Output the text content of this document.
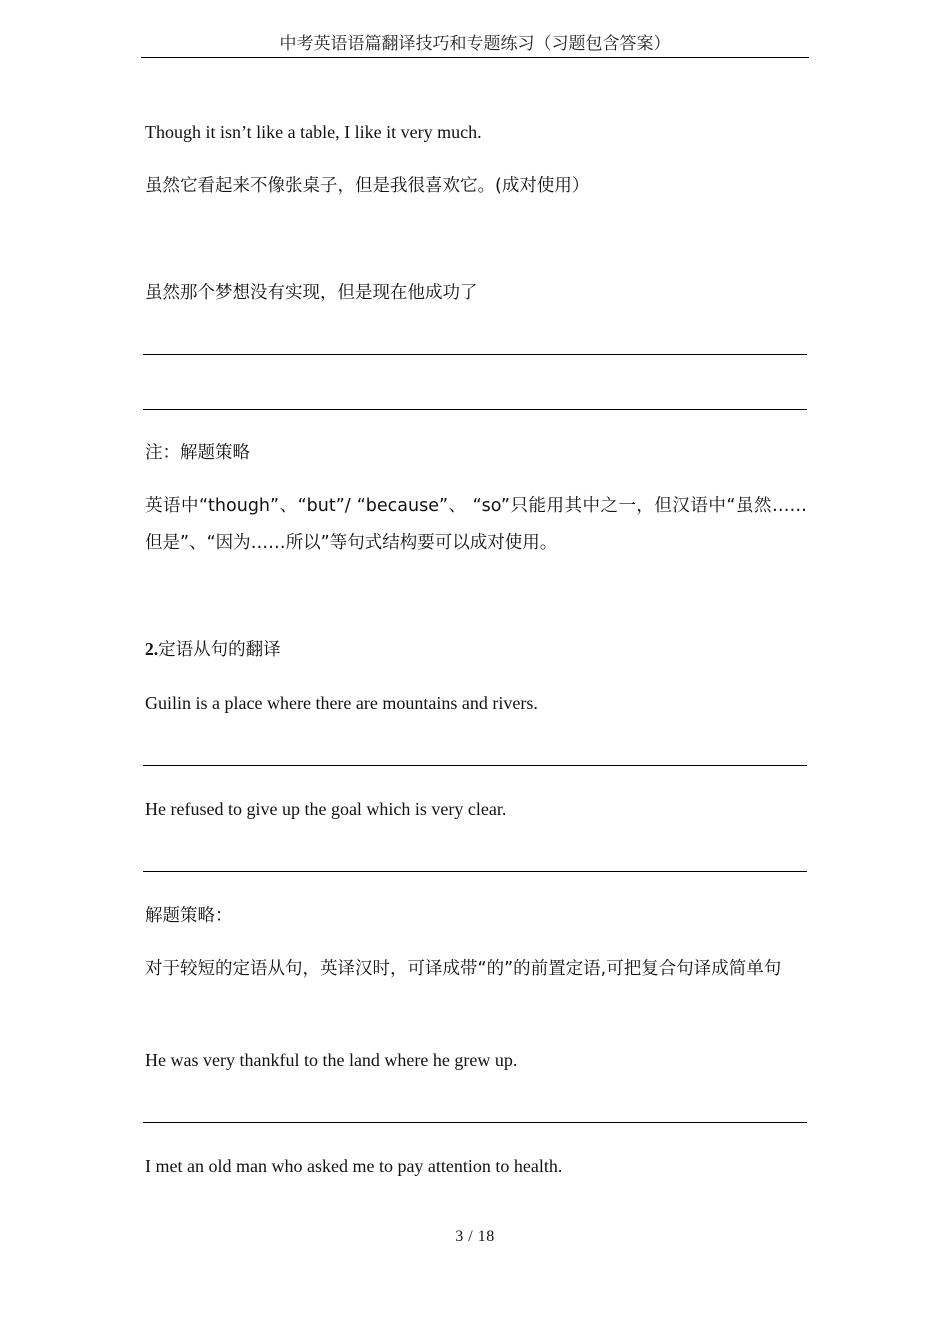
中考英语语篇翻译技巧和专题练习（习题包含答案）
Though it isn’t like a table, I like it very much.
虽然它看起来不像张桌子，但是我很喜欢它。(成对使用）
虽然那个梦想没有实现，但是现在他成功了
注：解题策略
英语中“though”、“but”/ “because”、 “so”只能用其中之一，但汉语中“虽然……但是”、“因为……所以”等句式结构要可以成对使用。
2.定语从句的翻译
Guilin is a place where there are mountains and rivers.
He refused to give up the goal which is very clear.
解题策略：
对于较短的定语从句，英译汉时，可译成带“的”的前置定语,可把复合句译成简单句
He was very thankful to the land where he grew up.
I met an old man who asked me to pay attention to health.
3 / 18
